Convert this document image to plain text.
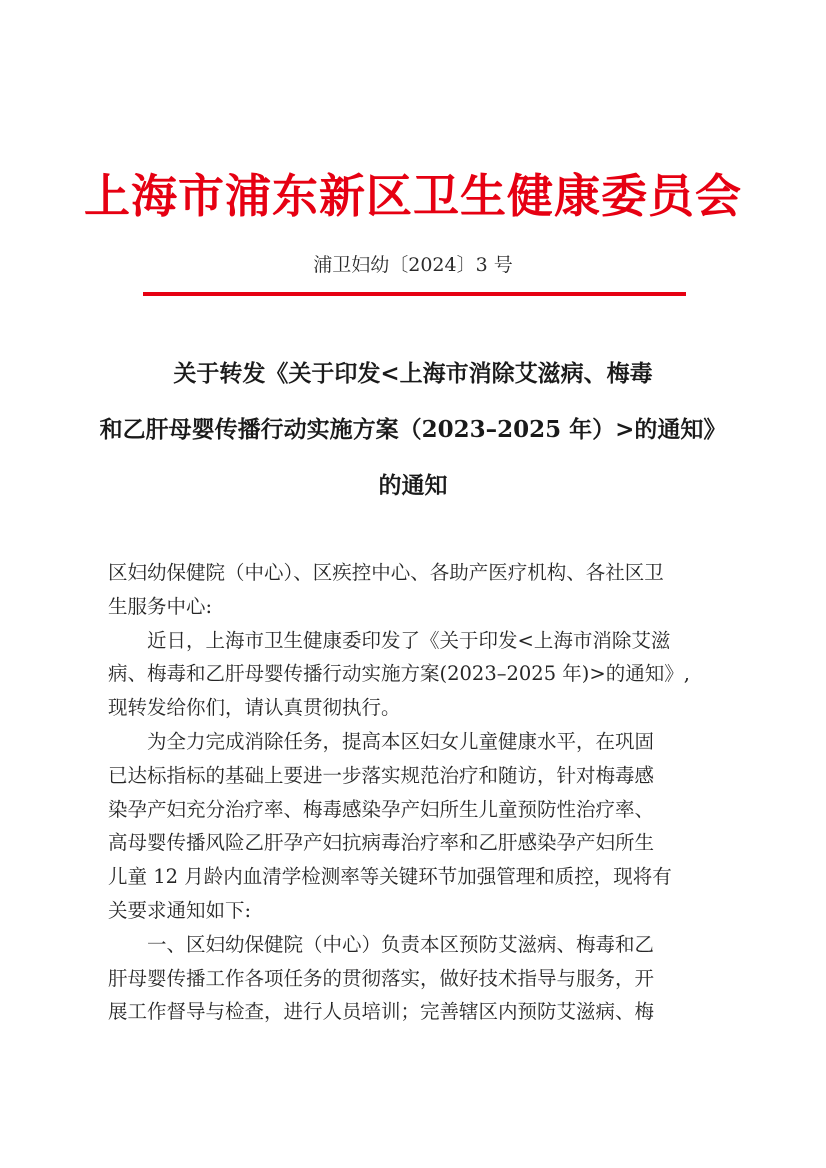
上海市浦东新区卫生健康委员会
浦卫妇幼〔2024〕3 号
关于转发《关于印发<上海市消除艾滋病、梅毒
和乙肝母婴传播行动实施方案（2023–2025 年）>的通知》
的通知
区妇幼保健院（中心）、区疾控中心、各助产医疗机构、各社区卫
生服务中心:
近日，上海市卫生健康委印发了《关于印发<上海市消除艾滋
病、梅毒和乙肝母婴传播行动实施方案(2023–2025 年)>的通知》,
现转发给你们，请认真贯彻执行。
为全力完成消除任务，提高本区妇女儿童健康水平，在巩固
已达标指标的基础上要进一步落实规范治疗和随访，针对梅毒感
染孕产妇充分治疗率、梅毒感染孕产妇所生儿童预防性治疗率、
高母婴传播风险乙肝孕产妇抗病毒治疗率和乙肝感染孕产妇所生
儿童 12 月龄内血清学检测率等关键环节加强管理和质控，现将有
关要求通知如下:
一、区妇幼保健院（中心）负责本区预防艾滋病、梅毒和乙
肝母婴传播工作各项任务的贯彻落实，做好技术指导与服务，开
展工作督导与检查，进行人员培训；完善辖区内预防艾滋病、梅
